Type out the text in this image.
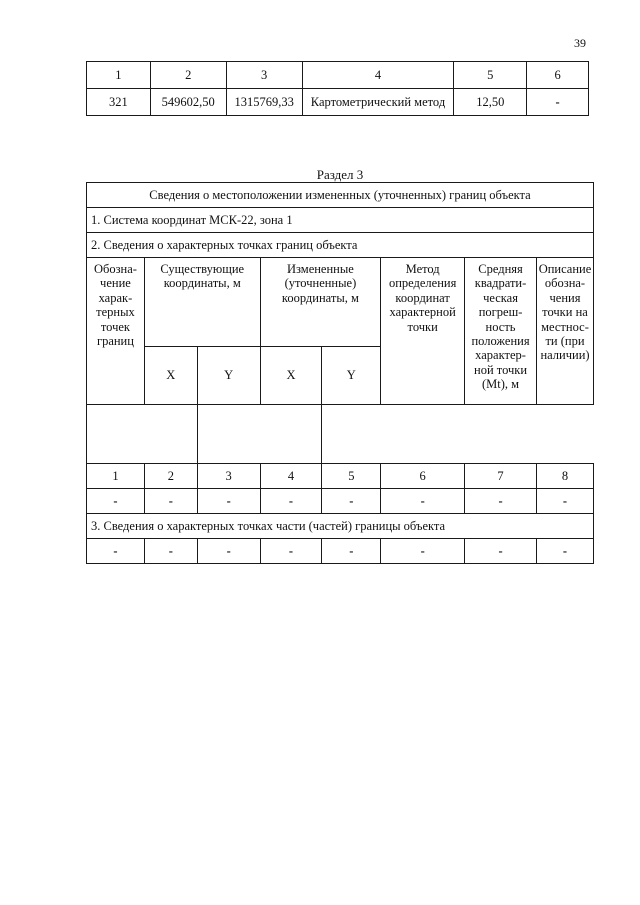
39
1	2	3	4	5	6
321	549602,50	1315769,33	Картометрический метод	12,50	-
Раздел 3
Сведения о местоположении измененных (уточненных) границ объекта							
1. Система координат МСК-22, зона 1							
2. Сведения о характерных точках границ объекта							
Обозна- чение харак- терных точек границ	Существующие координаты, м		Измененные (уточненные) координаты, м		Метод определения координат характерной точки	Средняя квадрати- ческая погреш- ность положения характер- ной точки (Mt), м	Описание обозна- чения точки на местнос- ти (при наличии)
	X	Y	X	Y			

1	2	3	4	5	6	7	8
-	-	-	-	-	-	-	-
3. Сведения о характерных точках части (частей) границы объекта							
-	-	-	-	-	-	-	-
